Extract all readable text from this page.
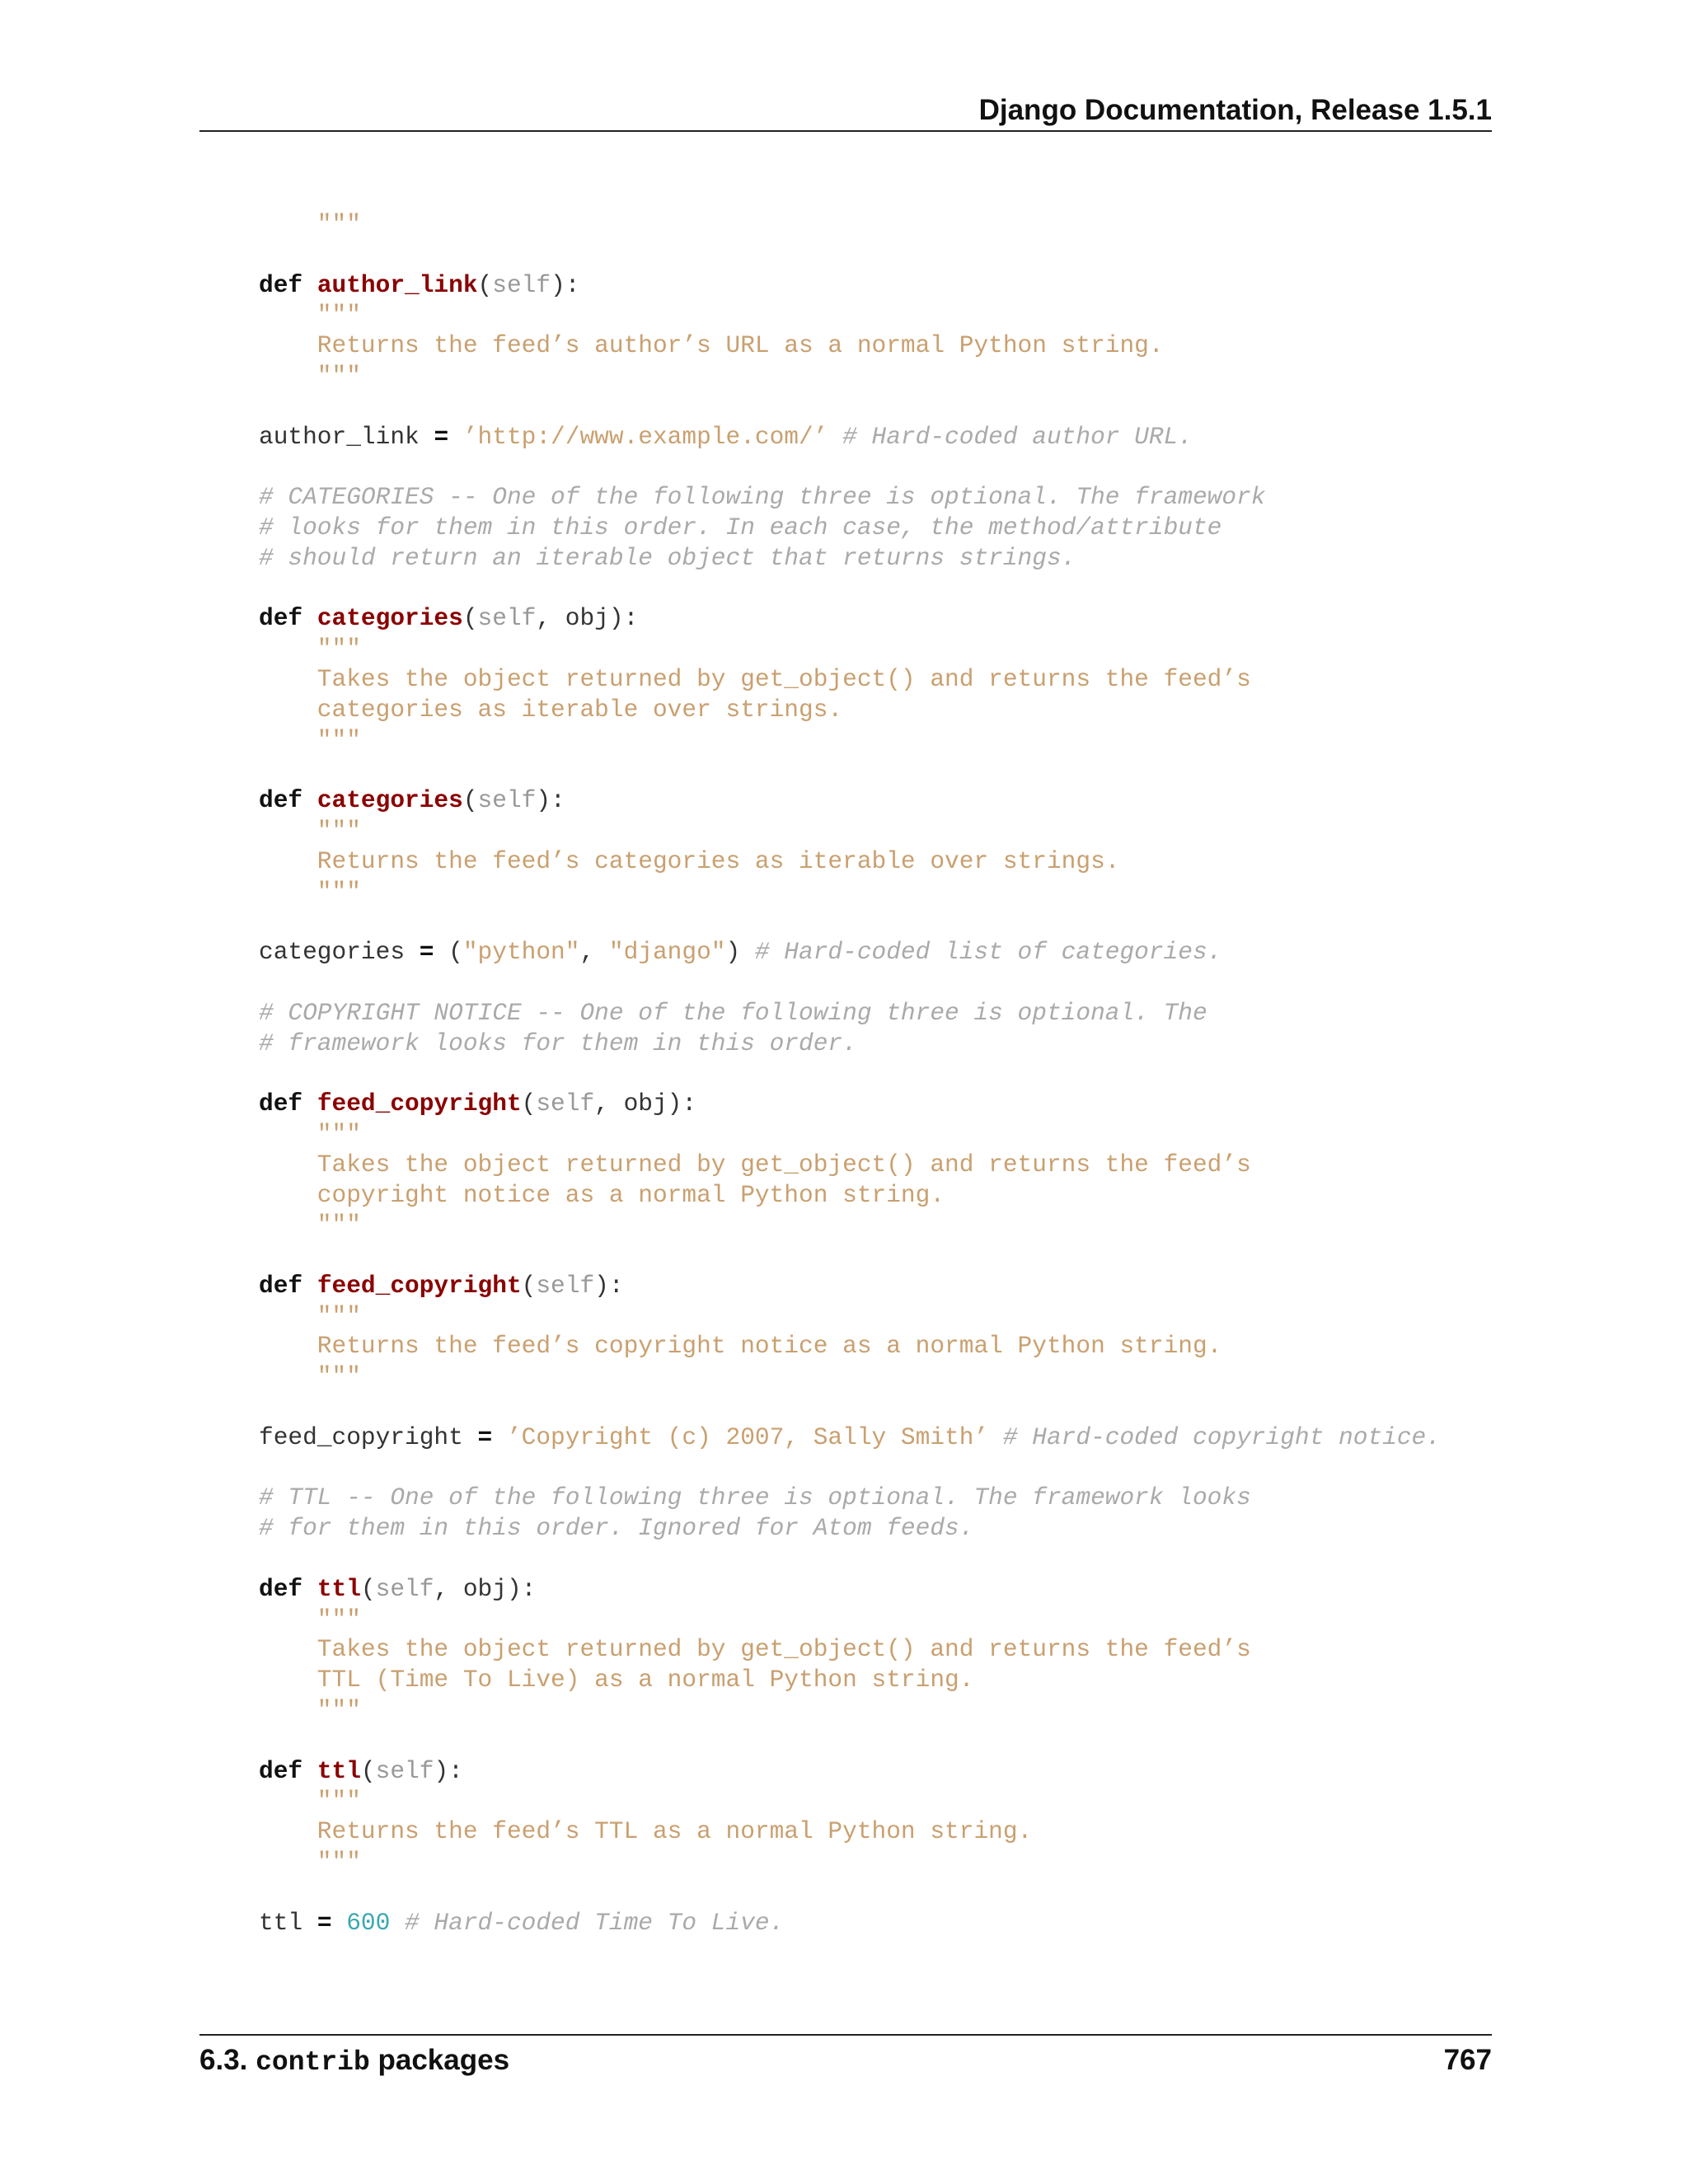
Django Documentation, Release 1.5.1
"""
def author_link(self):
"""
Returns the feed’s author’s URL as a normal Python string.
"""
author_link = ’http://www.example.com/’ # Hard-coded author URL.
# CATEGORIES -- One of the following three is optional. The framework
# looks for them in this order. In each case, the method/attribute
# should return an iterable object that returns strings.
def categories(self, obj):
"""
Takes the object returned by get_object() and returns the feed’s
categories as iterable over strings.
"""
def categories(self):
"""
Returns the feed’s categories as iterable over strings.
"""
categories = ("python", "django") # Hard-coded list of categories.
# COPYRIGHT NOTICE -- One of the following three is optional. The
# framework looks for them in this order.
def feed_copyright(self, obj):
"""
Takes the object returned by get_object() and returns the feed’s
copyright notice as a normal Python string.
"""
def feed_copyright(self):
"""
Returns the feed’s copyright notice as a normal Python string.
"""
feed_copyright = ’Copyright (c) 2007, Sally Smith’ # Hard-coded copyright notice.
# TTL -- One of the following three is optional. The framework looks
# for them in this order. Ignored for Atom feeds.
def ttl(self, obj):
"""
Takes the object returned by get_object() and returns the feed’s
TTL (Time To Live) as a normal Python string.
"""
def ttl(self):
"""
Returns the feed’s TTL as a normal Python string.
"""
ttl = 600 # Hard-coded Time To Live.
6.3. contrib packages	767
